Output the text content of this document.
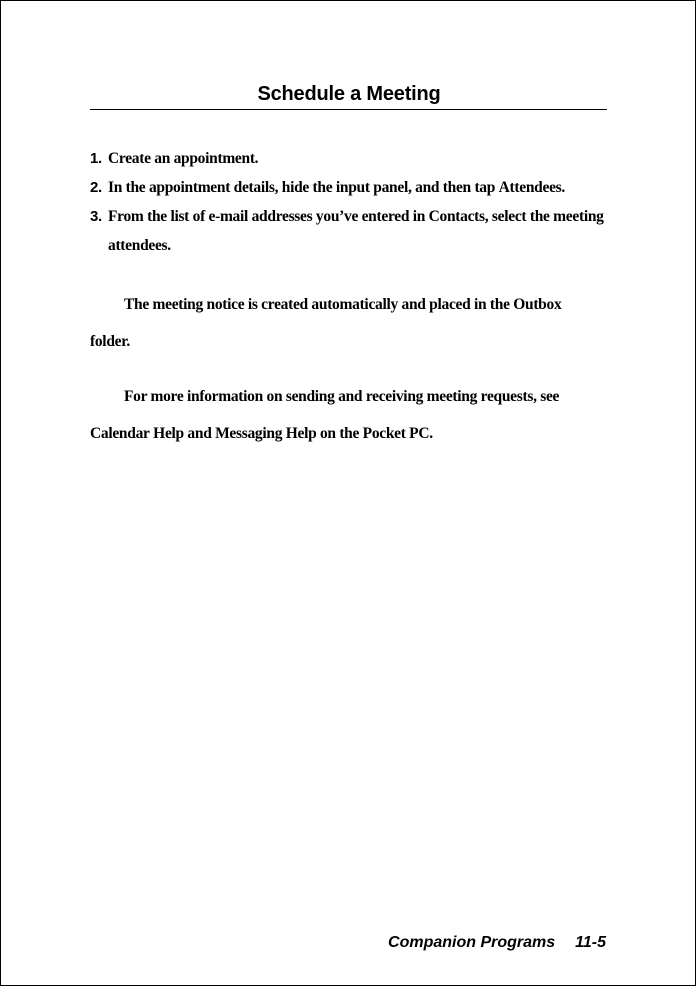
Schedule a Meeting
1. Create an appointment.
2. In the appointment details, hide the input panel, and then tap Attendees.
3. From the list of e-mail addresses you’ve entered in Contacts, select the meeting attendees.

The meeting notice is created automatically and placed in the Outbox folder.

For more information on sending and receiving meeting requests, see Calendar Help and Messaging Help on the Pocket PC.

Companion Programs 11-5
